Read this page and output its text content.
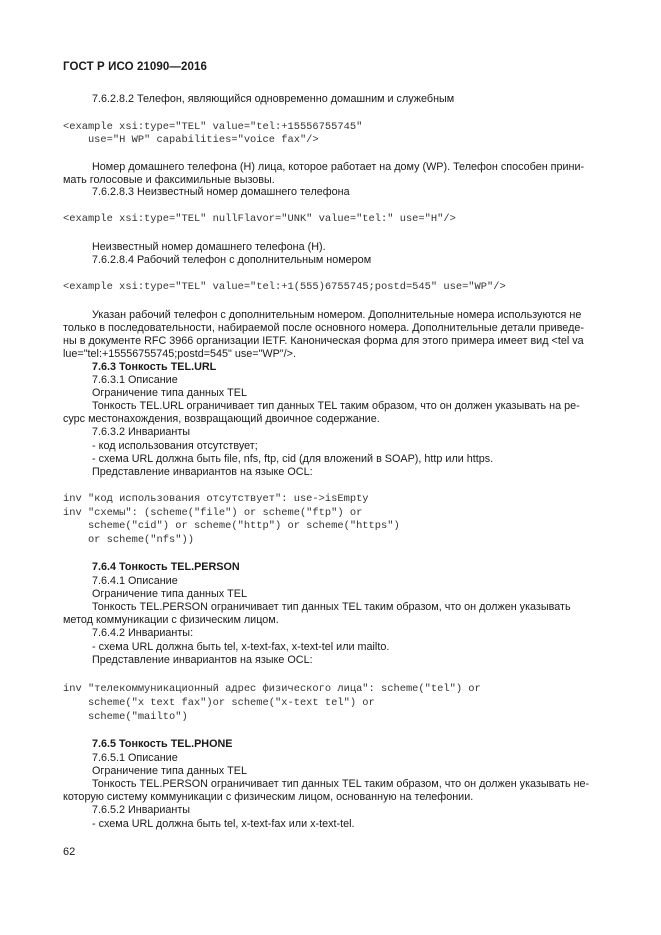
ГОСТ Р ИСО 21090—2016
7.6.2.8.2 Телефон, являющийся одновременно домашним и служебным
<example xsi:type="TEL" value="tel:+15556755745"
use="H WP" capabilities="voice fax"/>
Номер домашнего телефона (H) лица, которое работает на дому (WP). Телефон способен прини-
мать голосовые и факсимильные вызовы.
7.6.2.8.3 Неизвестный номер домашнего телефона
<example xsi:type="TEL" nullFlavor="UNK" value="tel:" use="H"/>
Неизвестный номер домашнего телефона (H).
7.6.2.8.4 Рабочий телефон с дополнительным номером
<example xsi:type="TEL" value="tel:+1(555)6755745;postd=545" use="WP"/>
Указан рабочий телефон с дополнительным номером. Дополнительные номера используются не
только в последовательности, набираемой после основного номера. Дополнительные детали приведе-
ны в документе RFC 3966 организации IETF. Каноническая форма для этого примера имеет вид <tel va
lue="tel:+15556755745;postd=545" use="WP"/>.
7.6.3 Тонкость TEL.URL
7.6.3.1 Описание
Ограничение типа данных TEL
Тонкость TEL.URL ограничивает тип данных TEL таким образом, что он должен указывать на ре-
сурс местонахождения, возвращающий двоичное содержание.
7.6.3.2 Инварианты
- код использования отсутствует;
- схема URL должна быть file, nfs, ftp, cid (для вложений в SOAP), http или https.
Представление инвариантов на языке OCL:
inv "код использования отсутствует": use->isEmpty
inv "схемы": (scheme("file") or scheme("ftp") or
scheme("cid") or scheme("http") or scheme("https")
or scheme("nfs"))
7.6.4 Тонкость TEL.PERSON
7.6.4.1 Описание
Ограничение типа данных TEL
Тонкость TEL.PERSON ограничивает тип данных TEL таким образом, что он должен указывать
метод коммуникации с физическим лицом.
7.6.4.2 Инварианты:
- схема URL должна быть tel, x-text-fax, x-text-tel или mailto.
Представление инвариантов на языке OCL:
inv "телекоммуникационный адрес физического лица": scheme("tel") or
scheme("x text fax")or scheme("x-text tel") or
scheme("mailto")
7.6.5 Тонкость TEL.PHONE
7.6.5.1 Описание
Ограничение типа данных TEL
Тонкость TEL.PERSON ограничивает тип данных TEL таким образом, что он должен указывать не-
которую систему коммуникации с физическим лицом, основанную на телефонии.
7.6.5.2 Инварианты
- схема URL должна быть tel, x-text-fax или x-text-tel.
62
